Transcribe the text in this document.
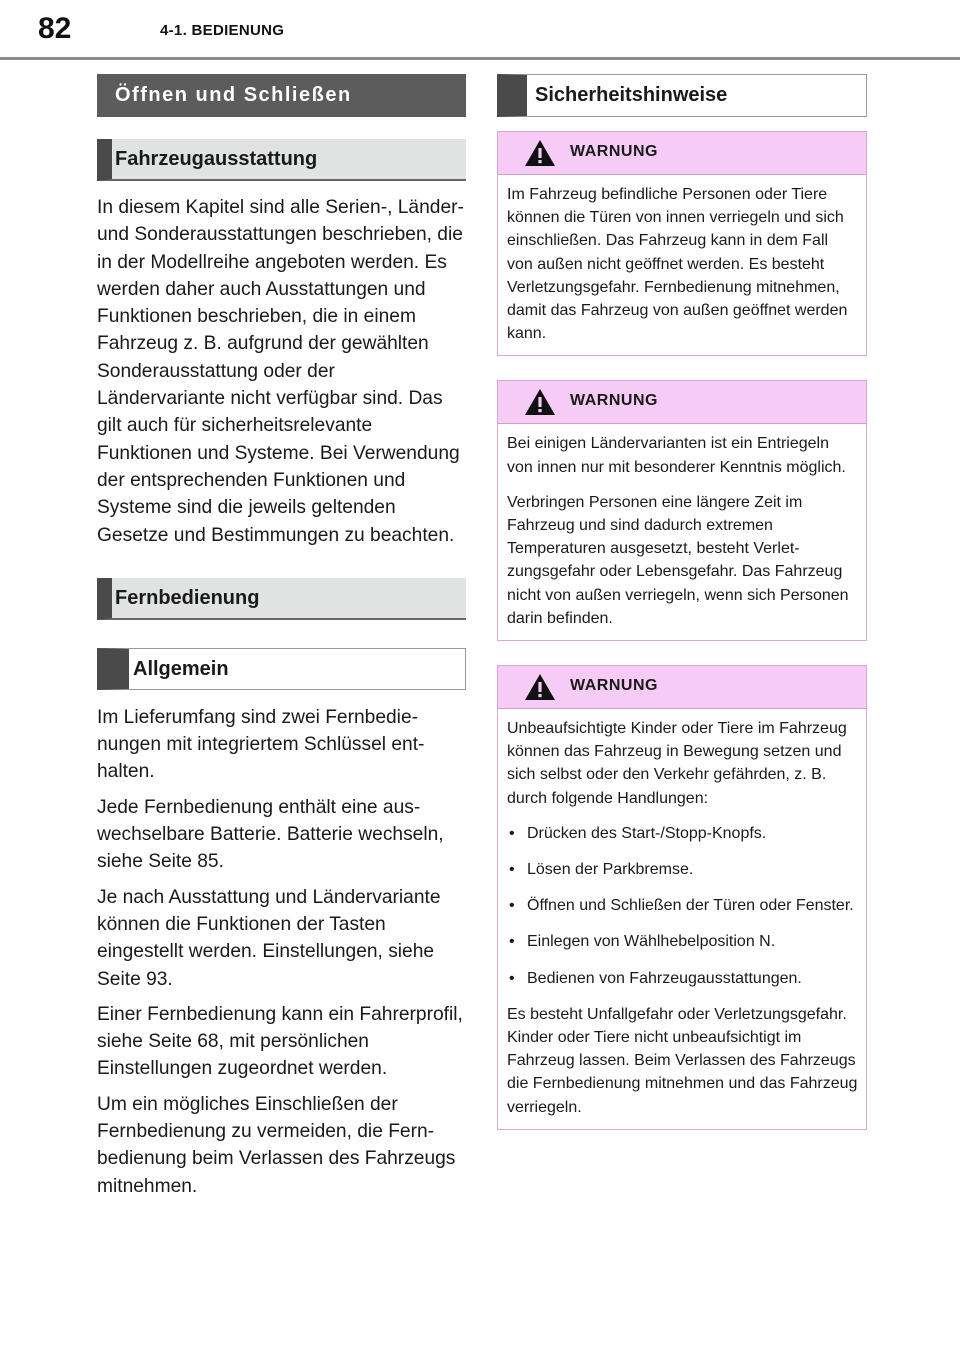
82	4-1. BEDIENUNG
Öffnen und Schließen
Fahrzeugausstattung

In diesem Kapitel sind alle Serien-, Länder- und Sonderausstattungen beschrieben, die in der Modellreihe angeboten werden. Es werden daher auch Ausstattungen und Funktionen beschrieben, die in einem Fahrzeug z. B. aufgrund der gewählten Sonderausstattung oder der Ländervariante nicht verfügbar sind. Das gilt auch für sicherheitsrelevante Funktionen und Systeme. Bei Verwendung der entsprechenden Funktionen und Systeme sind die jeweils geltenden Gesetze und Bestimmungen zu beachten.

Fernbedienung
Allgemein

Im Lieferumfang sind zwei Fernbedienungen mit integriertem Schlüssel enthalten.

Jede Fernbedienung enthält eine auswechselbare Batterie. Batterie wechseln, siehe Seite 85.

Je nach Ausstattung und Ländervariante können die Funktionen der Tasten eingestellt werden. Einstellungen, siehe Seite 93.

Einer Fernbedienung kann ein Fahrerprofil, siehe Seite 68, mit persönlichen Einstellungen zugeordnet werden.

Um ein mögliches Einschließen der Fernbedienung zu vermeiden, die Fernbedienung beim Verlassen des Fahrzeugs mitnehmen.

Sicherheitshinweise
WARNUNG

Im Fahrzeug befindliche Personen oder Tiere können die Türen von innen verriegeln und sich einschließen. Das Fahrzeug kann in dem Fall von außen nicht geöffnet werden. Es besteht Verletzungsgefahr. Fernbedienung mitnehmen, damit das Fahrzeug von außen geöffnet werden kann.

WARNUNG

Bei einigen Ländervarianten ist ein Entriegeln von innen nur mit besonderer Kenntnis möglich.

Verbringen Personen eine längere Zeit im Fahrzeug und sind dadurch extremen Temperaturen ausgesetzt, besteht Verletzungsgefahr oder Lebensgefahr. Das Fahrzeug nicht von außen verriegeln, wenn sich Personen darin befinden.

WARNUNG

Unbeaufsichtigte Kinder oder Tiere im Fahrzeug können das Fahrzeug in Bewegung setzen und sich selbst oder den Verkehr gefährden, z. B. durch folgende Handlungen:

• Drücken des Start-/Stopp-Knopfs.
• Lösen der Parkbremse.
• Öffnen und Schließen der Türen oder Fenster.
• Einlegen von Wählhebelposition N.
• Bedienen von Fahrzeugausstattungen.

Es besteht Unfallgefahr oder Verletzungsgefahr. Kinder oder Tiere nicht unbeaufsichtigt im Fahrzeug lassen. Beim Verlassen des Fahrzeugs die Fernbedienung mitnehmen und das Fahrzeug verriegeln.
